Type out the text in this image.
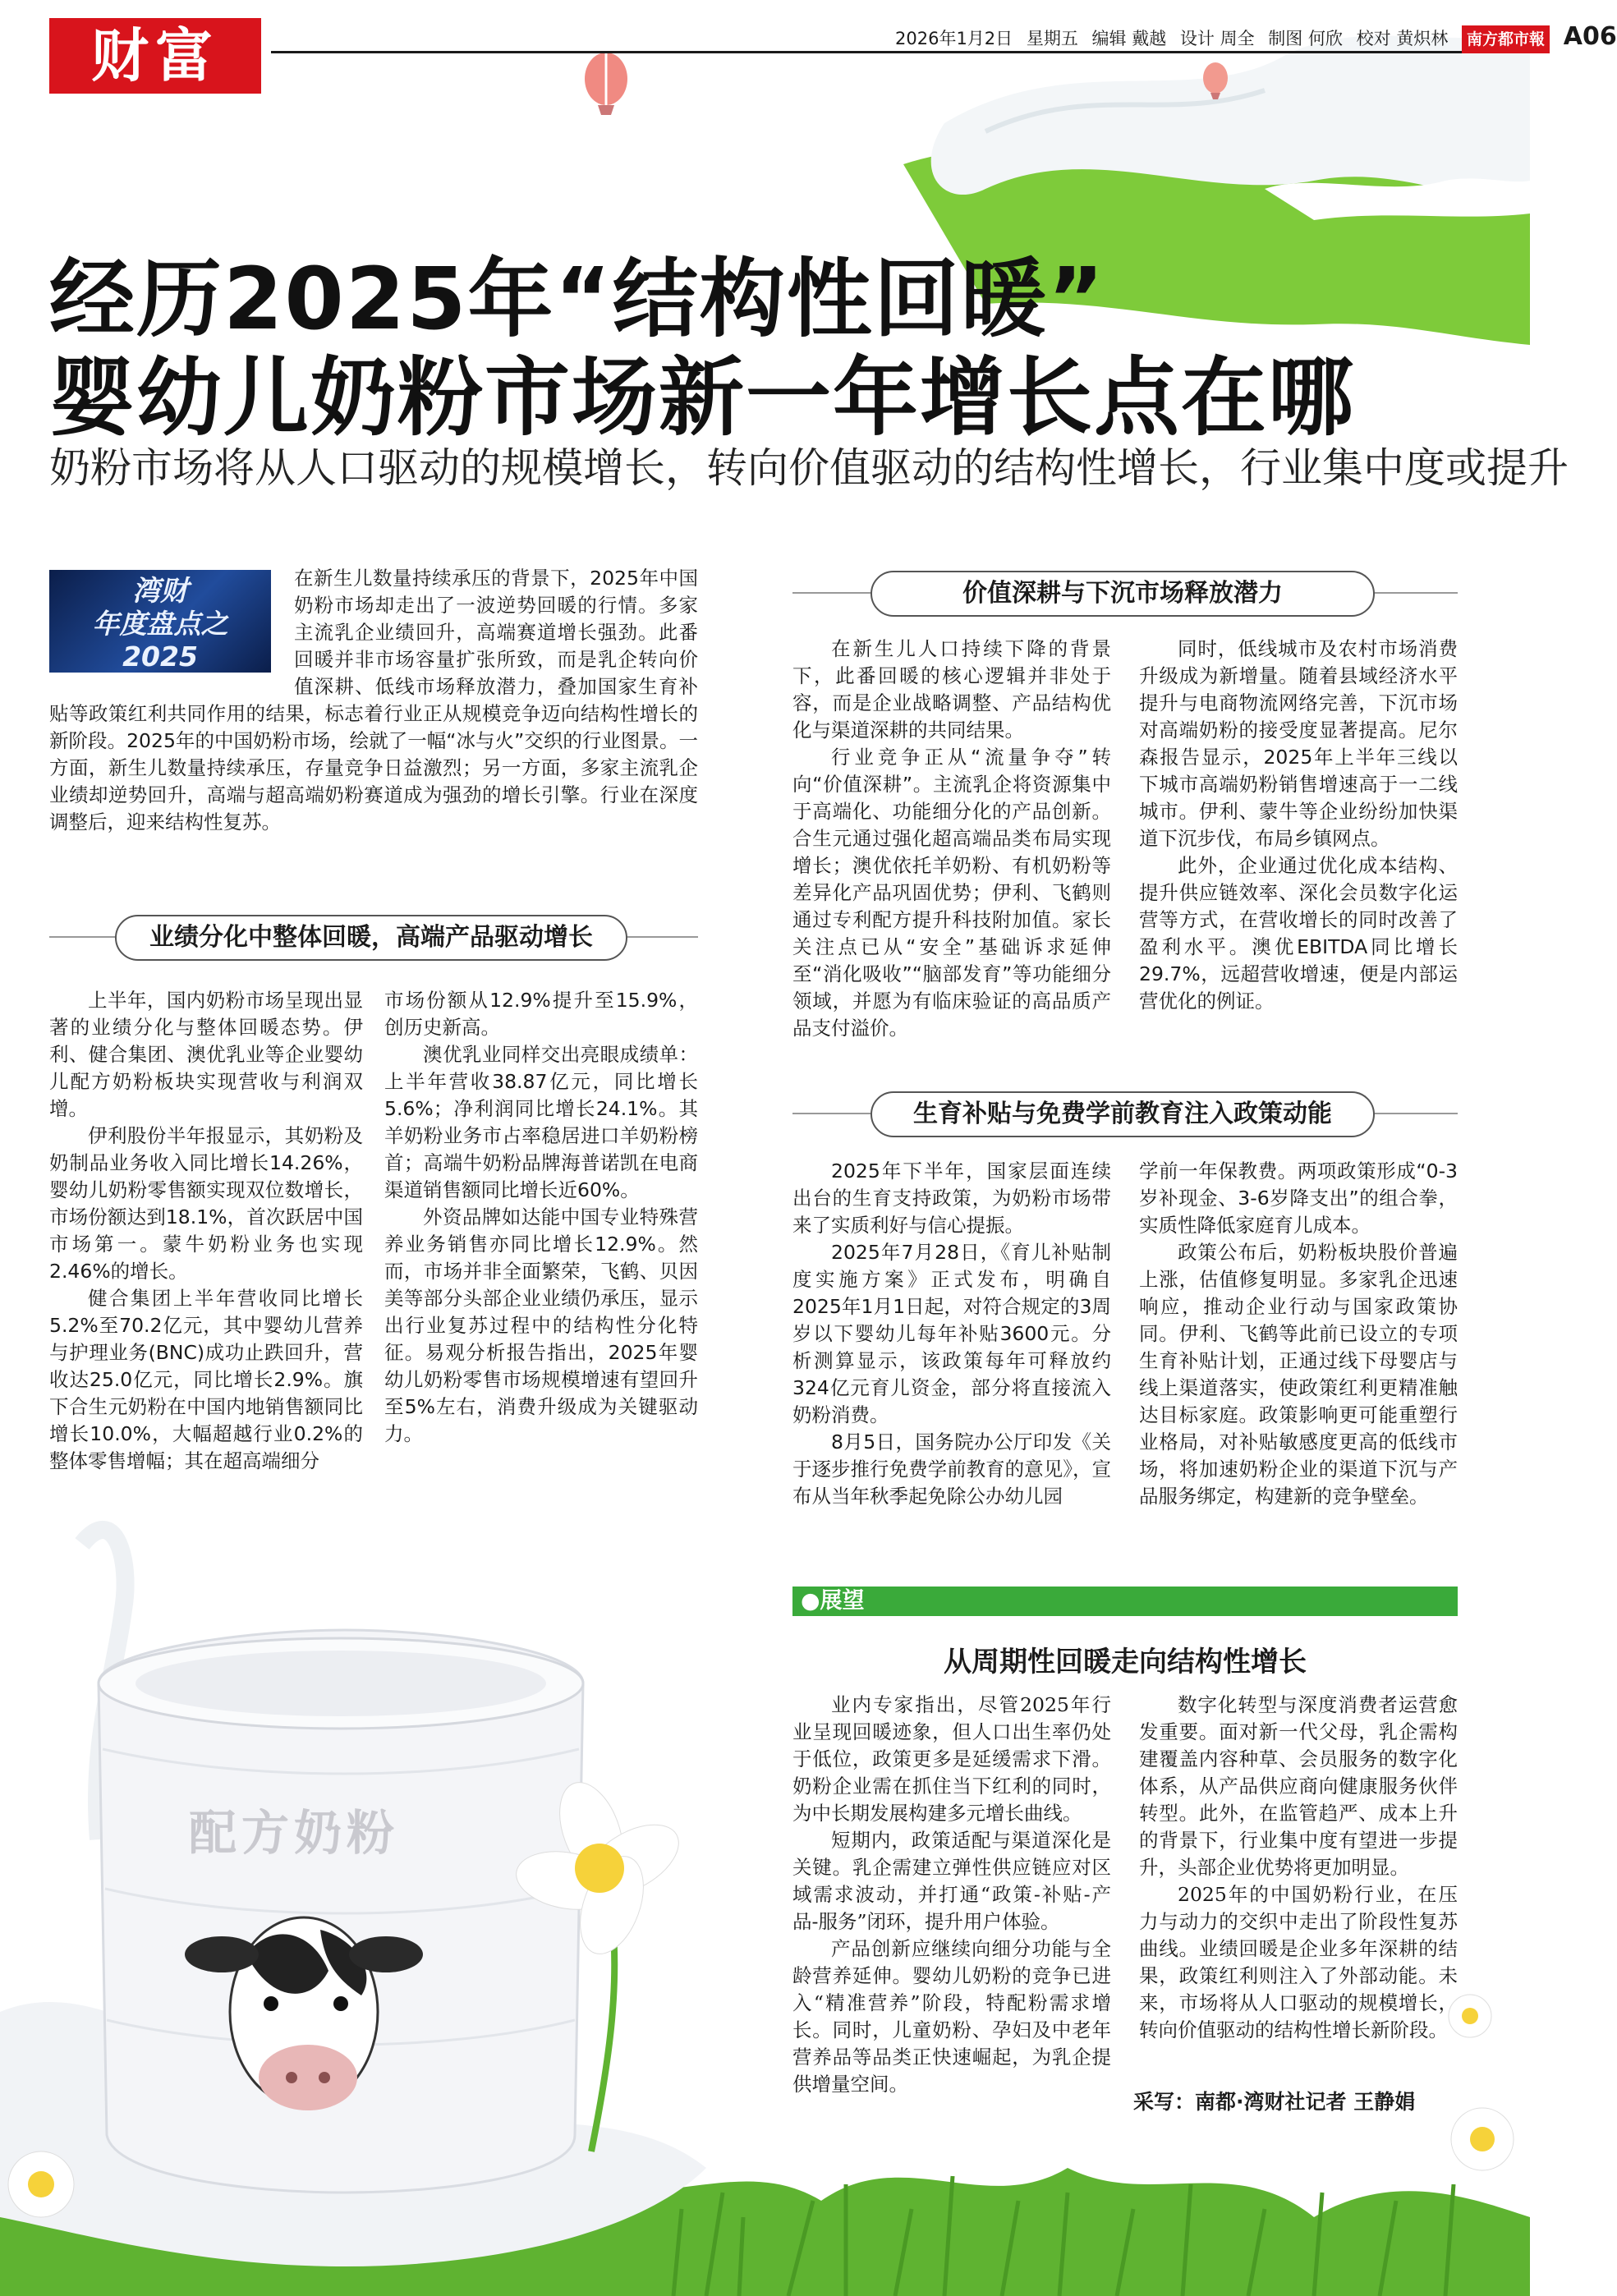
财富	2026年1月2日 星期五 编辑 戴越 设计 周全 制图 何欣 校对 黄炽林 南方都市報 A06
经历2025年“结构性回暖”
婴幼儿奶粉市场新一年增长点在哪
奶粉市场将从人口驱动的规模增长，转向价值驱动的结构性增长，行业集中度或提升
湾财
年度盘点之
2025
在新生儿数量持续承压的背景下，2025年中国奶粉市场却走出了一波逆势回暖的行情。多家主流乳企业绩回升，高端赛道增长强劲。此番回暖并非市场容量扩张所致，而是乳企转向价值深耕、低线市场释放潜力，叠加国家生育补贴等政策红利共同作用的结果，标志着行业正从规模竞争迈向结构性增长的新阶段。2025年的中国奶粉市场，绘就了一幅“冰与火”交织的行业图景。一方面，新生儿数量持续承压，存量竞争日益激烈；另一方面，多家主流乳企业绩却逆势回升，高端与超高端奶粉赛道成为强劲的增长引擎。行业在深度调整后，迎来结构性复苏。
业绩分化中整体回暖，高端产品驱动增长

上半年，国内奶粉市场呈现出显著的业绩分化与整体回暖态势。伊利、健合集团、澳优乳业等企业婴幼儿配方奶粉板块实现营收与利润双增。

伊利股份半年报显示，其奶粉及奶制品业务收入同比增长14.26%，婴幼儿奶粉零售额实现双位数增长，市场份额达到18.1%，首次跃居中国市场第一。蒙牛奶粉业务也实现2.46%的增长。

健合集团上半年营收同比增长5.2%至70.2亿元，其中婴幼儿营养与护理业务(BNC)成功止跌回升，营收达25.0亿元，同比增长2.9%。旗下合生元奶粉在中国内地销售额同比增长10.0%，大幅超越行业0.2%的整体零售增幅；其在超高端细分

市场份额从12.9%提升至15.9%，创历史新高。

澳优乳业同样交出亮眼成绩单：上半年营收38.87亿元，同比增长5.6%；净利润同比增长24.1%。其羊奶粉业务市占率稳居进口羊奶粉榜首；高端牛奶粉品牌海普诺凯在电商渠道销售额同比增长近60%。

外资品牌如达能中国专业特殊营养业务销售亦同比增长12.9%。然而，市场并非全面繁荣，飞鹤、贝因美等部分头部企业业绩仍承压，显示出行业复苏过程中的结构性分化特征。易观分析报告指出，2025年婴幼儿奶粉零售市场规模增速有望回升至5%左右，消费升级成为关键驱动力。

价值深耕与下沉市场释放潜力

在新生儿人口持续下降的背景下，此番回暖的核心逻辑并非处于容，而是企业战略调整、产品结构优化与渠道深耕的共同结果。

行业竞争正从“流量争夺”转向“价值深耕”。主流乳企将资源集中于高端化、功能细分化的产品创新。合生元通过强化超高端品类布局实现增长；澳优依托羊奶粉、有机奶粉等差异化产品巩固优势；伊利、飞鹤则通过专利配方提升科技附加值。家长关注点已从“安全”基础诉求延伸至“消化吸收”“脑部发育”等功能细分领域，并愿为有临床验证的高品质产品支付溢价。

同时，低线城市及农村市场消费升级成为新增量。随着县域经济水平提升与电商物流网络完善，下沉市场对高端奶粉的接受度显著提高。尼尔森报告显示，2025年上半年三线以下城市高端奶粉销售增速高于一二线城市。伊利、蒙牛等企业纷纷加快渠道下沉步伐，布局乡镇网点。

此外，企业通过优化成本结构、提升供应链效率、深化会员数字化运营等方式，在营收增长的同时改善了盈利水平。澳优EBITDA同比增长29.7%，远超营收增速，便是内部运营优化的例证。

生育补贴与免费学前教育注入政策动能

2025年下半年，国家层面连续出台的生育支持政策，为奶粉市场带来了实质利好与信心提振。

2025年7月28日，《育儿补贴制度实施方案》正式发布，明确自2025年1月1日起，对符合规定的3周岁以下婴幼儿每年补贴3600元。分析测算显示，该政策每年可释放约324亿元育儿资金，部分将直接流入奶粉消费。

8月5日，国务院办公厅印发《关于逐步推行免费学前教育的意见》，宣布从当年秋季起免除公办幼儿园

学前一年保教费。两项政策形成“0-3岁补现金、3-6岁降支出”的组合拳，实质性降低家庭育儿成本。

政策公布后，奶粉板块股价普遍上涨，估值修复明显。多家乳企迅速响应，推动企业行动与国家政策协同。伊利、飞鹤等此前已设立的专项生育补贴计划，正通过线下母婴店与线上渠道落实，使政策红利更精准触达目标家庭。政策影响更可能重塑行业格局，对补贴敏感度更高的低线市场，将加速奶粉企业的渠道下沉与产品服务绑定，构建新的竞争壁垒。

●展望
从周期性回暖走向结构性增长

业内专家指出，尽管2025年行业呈现回暖迹象，但人口出生率仍处于低位，政策更多是延缓需求下滑。奶粉企业需在抓住当下红利的同时，为中长期发展构建多元增长曲线。

短期内，政策适配与渠道深化是关键。乳企需建立弹性供应链应对区域需求波动，并打通“政策-补贴-产品-服务”闭环，提升用户体验。

产品创新应继续向细分功能与全龄营养延伸。婴幼儿奶粉的竞争已进入“精准营养”阶段，特配粉需求增长。同时，儿童奶粉、孕妇及中老年营养品等品类正快速崛起，为乳企提供增量空间。

数字化转型与深度消费者运营愈发重要。面对新一代父母，乳企需构建覆盖内容种草、会员服务的数字化体系，从产品供应商向健康服务伙伴转型。此外，在监管趋严、成本上升的背景下，行业集中度有望进一步提升，头部企业优势将更加明显。

2025年的中国奶粉行业，在压力与动力的交织中走出了阶段性复苏曲线。业绩回暖是企业多年深耕的结果，政策红利则注入了外部动能。未来，市场将从人口驱动的规模增长，转向价值驱动的结构性增长新阶段。

采写：南都·湾财社记者 王静娟
配方奶粉
